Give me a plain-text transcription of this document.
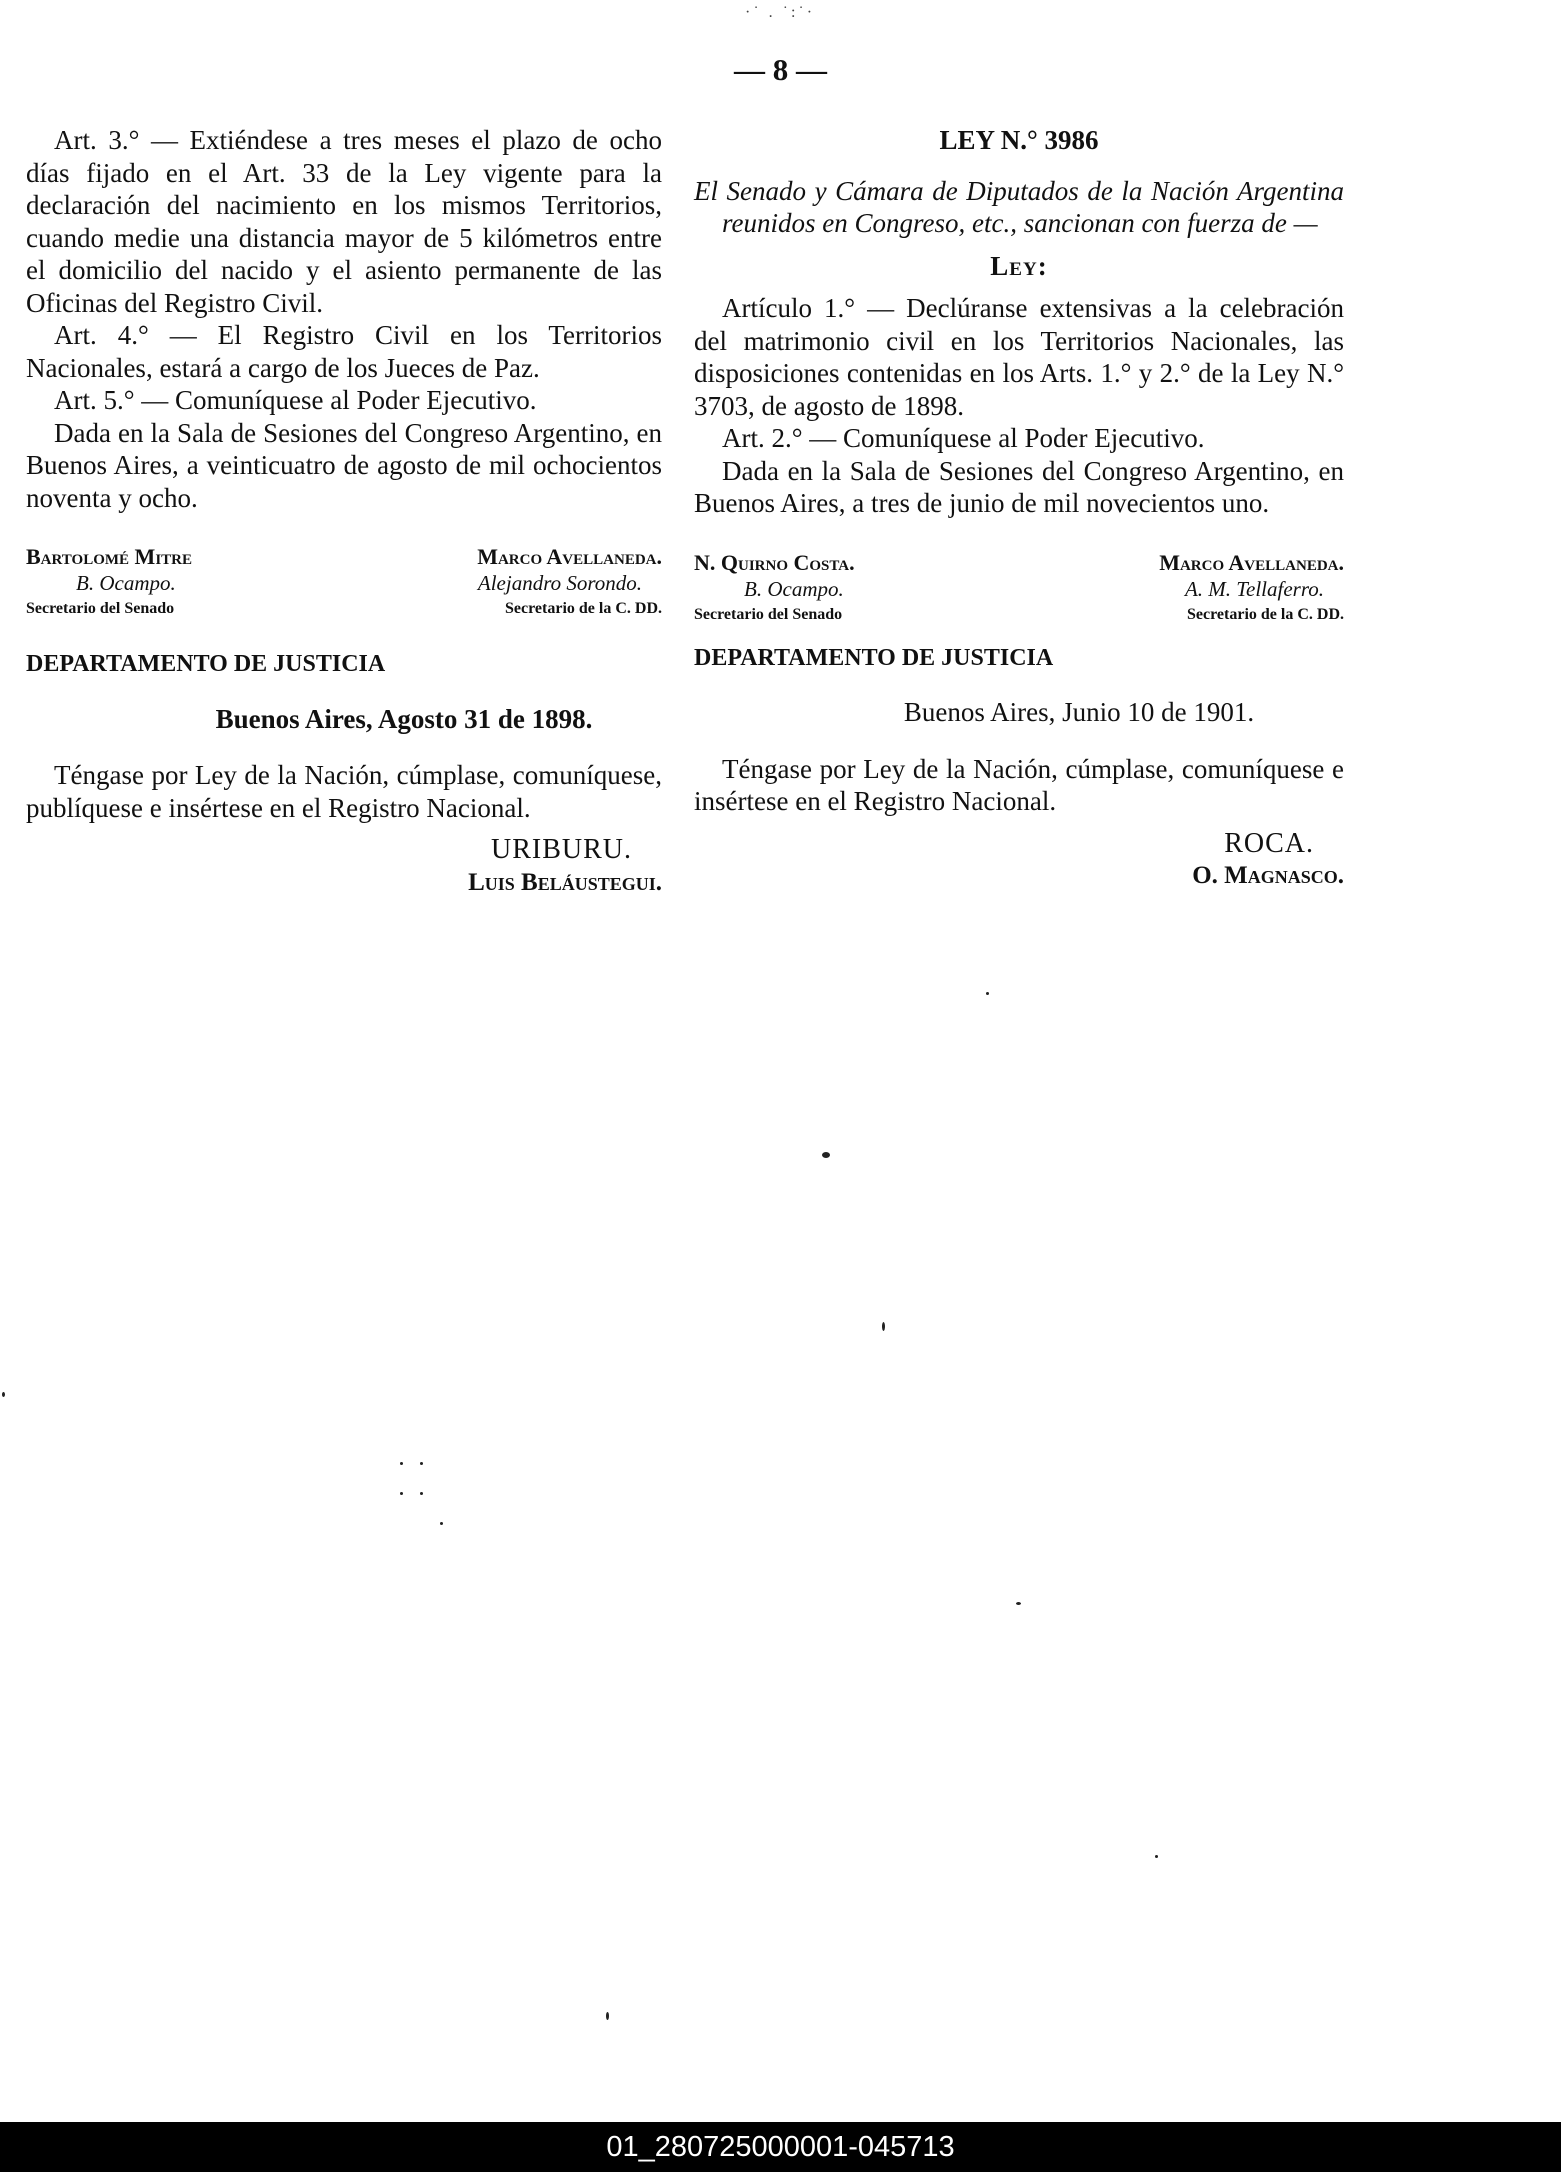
·˙ . ˙:˙·
— 8 —

Art. 3.° — Extiéndese a tres meses el plazo de ocho días fijado en el Art. 33 de la Ley vigente para la declaración del nacimiento en los mismos Territorios, cuando medie una distancia mayor de 5 kilómetros entre el domicilio del nacido y el asiento permanente de las Oficinas del Registro Civil.

Art. 4.° — El Registro Civil en los Territorios Nacionales, estará a cargo de los Jueces de Paz.

Art. 5.° — Comuníquese al Poder Ejecutivo.

Dada en la Sala de Sesiones del Congreso Argentino, en Buenos Aires, a veinticuatro de agosto de mil ochocientos noventa y ocho.

Bartolomé Mitre
B. Ocampo.
Secretario del Senado
Marco Avellaneda.
Alejandro Sorondo.
Secretario de la C. DD.

DEPARTAMENTO DE JUSTICIA

Buenos Aires, Agosto 31 de 1898.

Téngase por Ley de la Nación, cúmplase, comuníquese, publíquese e insértese en el Registro Nacional.

URIBURU.
Luis Beláustegui.

LEY N.° 3986

El Senado y Cámara de Diputados de la Nación Argentina reunidos en Congreso, etc., sancionan con fuerza de —

Ley:

Artículo 1.° — Declúranse extensivas a la celebración del matrimonio civil en los Territorios Nacionales, las disposiciones contenidas en los Arts. 1.° y 2.° de la Ley N.° 3703, de agosto de 1898.

Art. 2.° — Comuníquese al Poder Ejecutivo.

Dada en la Sala de Sesiones del Congreso Argentino, en Buenos Aires, a tres de junio de mil novecientos uno.

N. Quirno Costa.
B. Ocampo.
Secretario del Senado
Marco Avellaneda.
A. M. Tellaferro.
Secretario de la C. DD.

DEPARTAMENTO DE JUSTICIA

Buenos Aires, Junio 10 de 1901.

Téngase por Ley de la Nación, cúmplase, comuníquese e insértese en el Registro Nacional.

ROCA.
O. Magnasco.
01_280725000001-045713
